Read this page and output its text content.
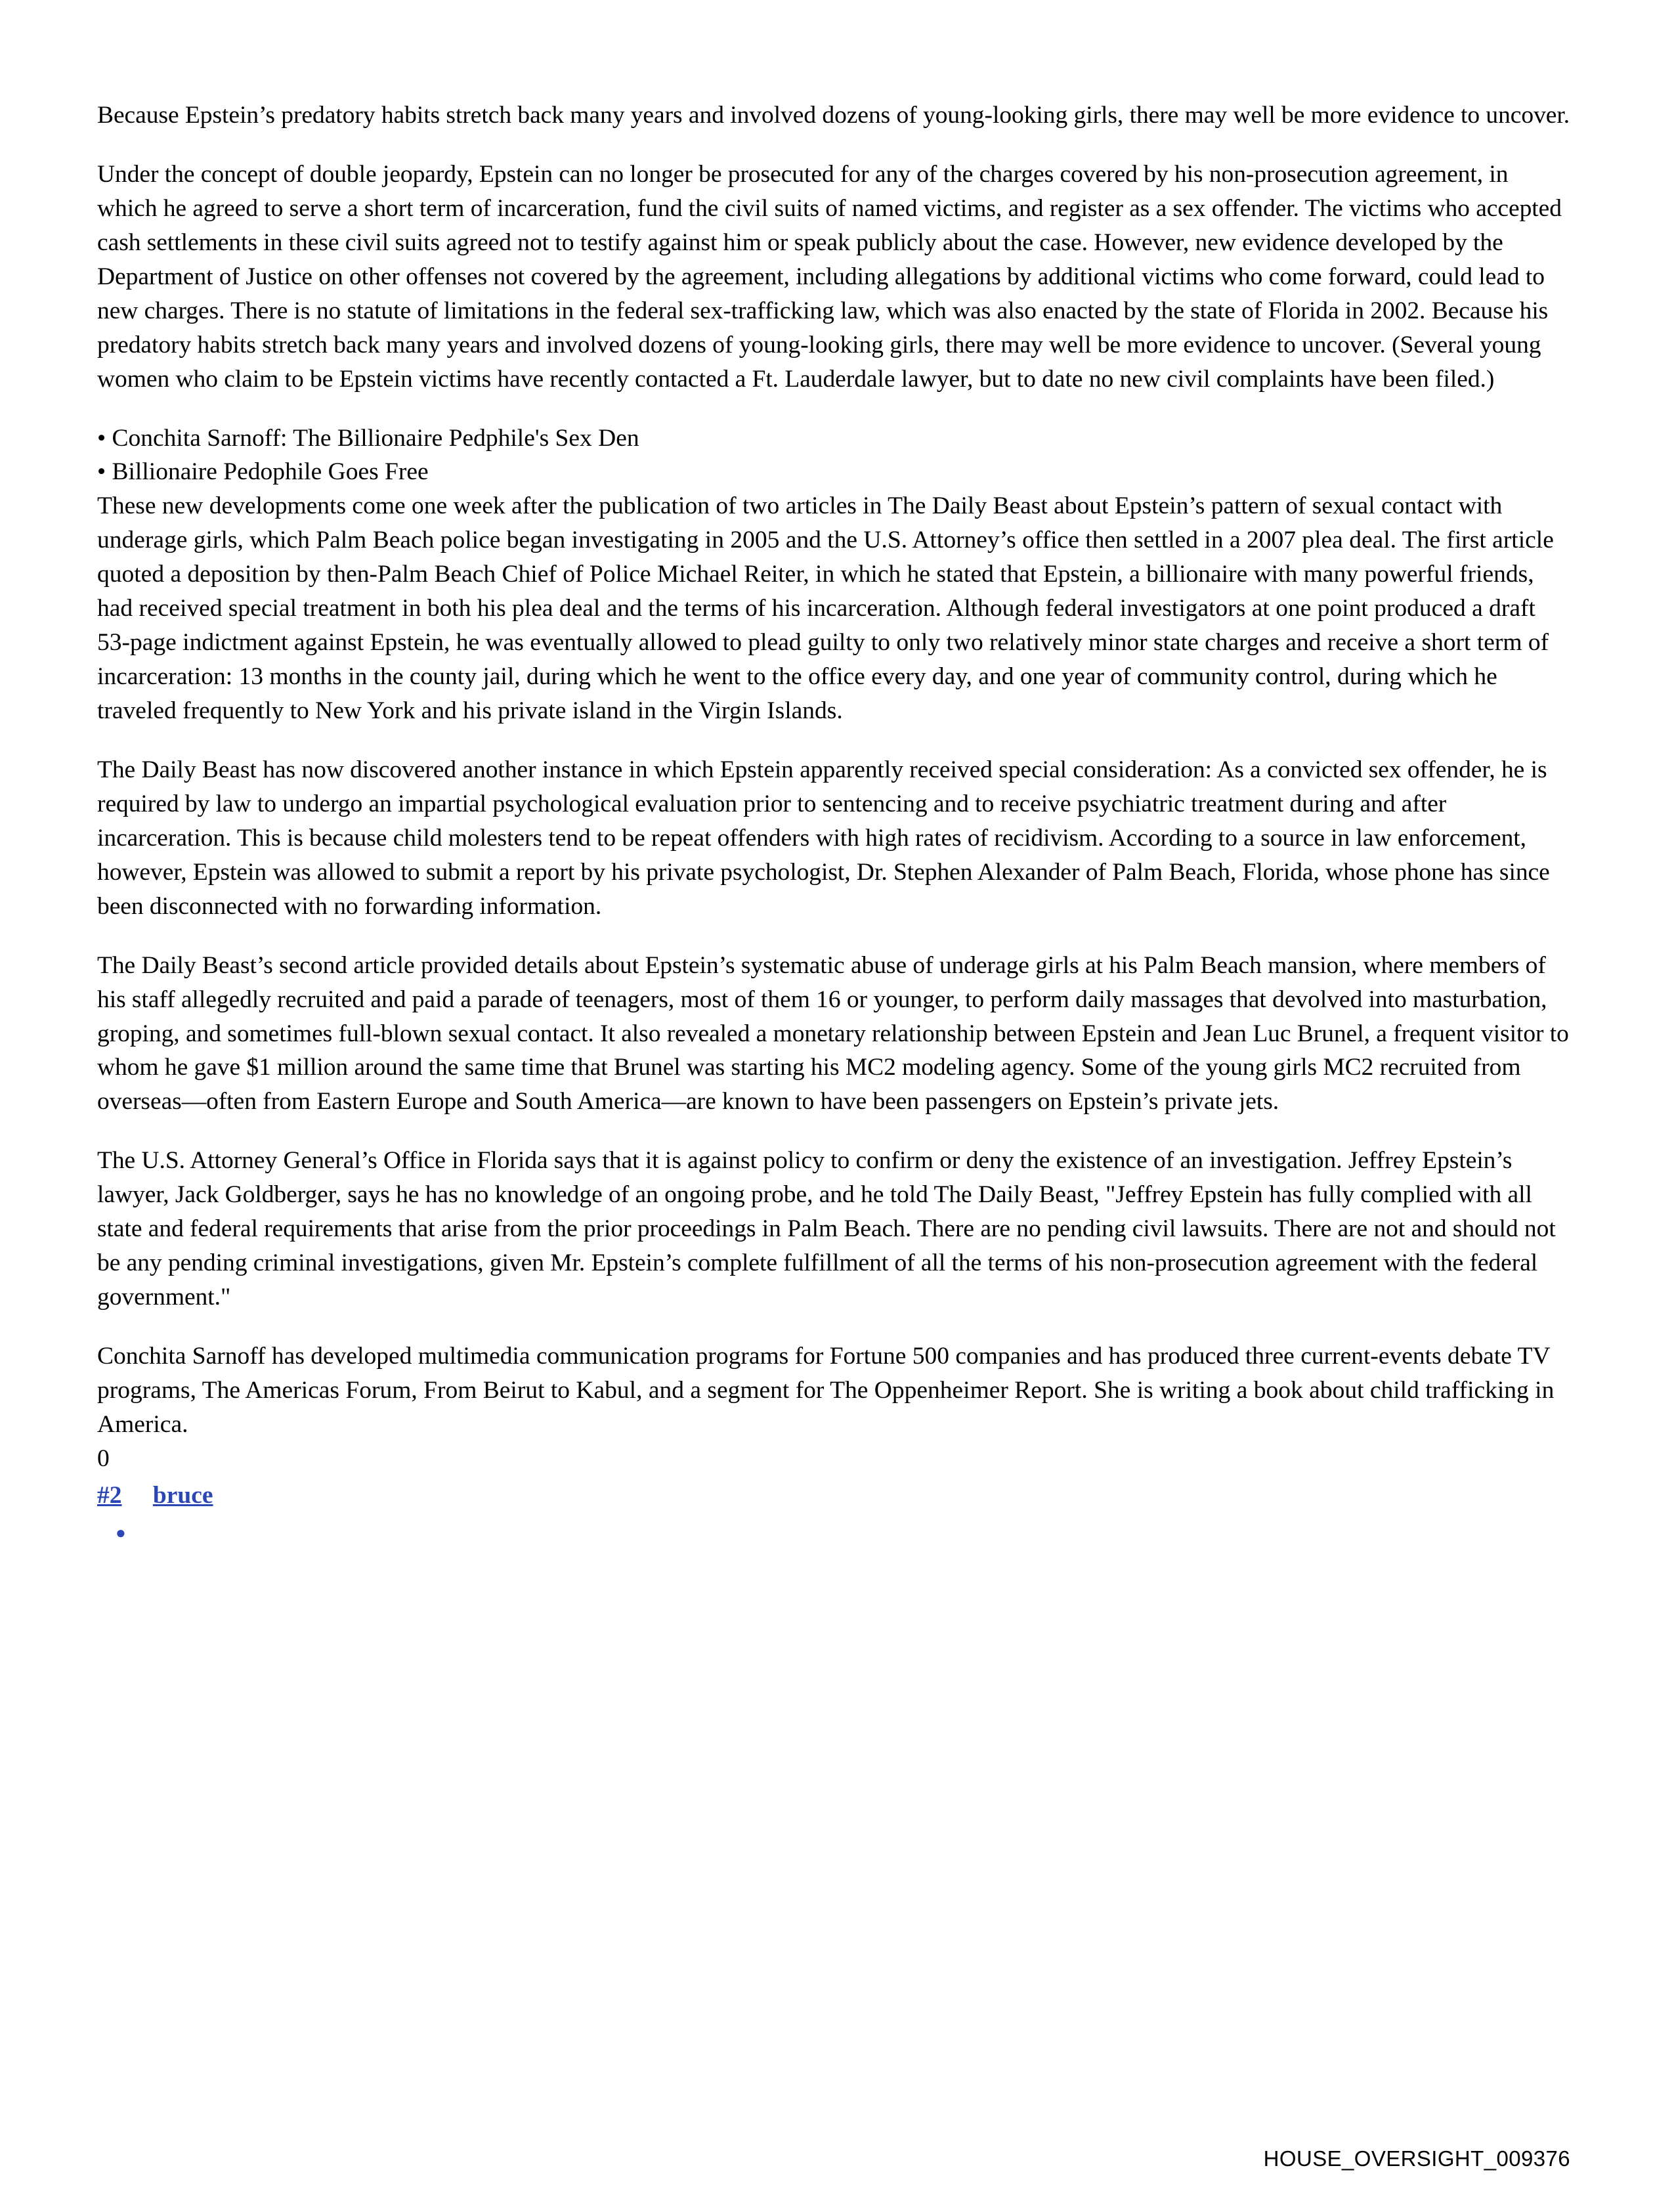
Because Epstein’s predatory habits stretch back many years and involved dozens of young-looking girls, there may well be more evidence to uncover.

Under the concept of double jeopardy, Epstein can no longer be prosecuted for any of the charges covered by his non-prosecution agreement, in which he agreed to serve a short term of incarceration, fund the civil suits of named victims, and register as a sex offender. The victims who accepted cash settlements in these civil suits agreed not to testify against him or speak publicly about the case. However, new evidence developed by the Department of Justice on other offenses not covered by the agreement, including allegations by additional victims who come forward, could lead to new charges. There is no statute of limitations in the federal sex-trafficking law, which was also enacted by the state of Florida in 2002. Because his predatory habits stretch back many years and involved dozens of young-looking girls, there may well be more evidence to uncover. (Several young women who claim to be Epstein victims have recently contacted a Ft. Lauderdale lawyer, but to date no new civil complaints have been filed.)

• Conchita Sarnoff: The Billionaire Pedphile's Sex Den
• Billionaire Pedophile Goes Free
These new developments come one week after the publication of two articles in The Daily Beast about Epstein’s pattern of sexual contact with underage girls, which Palm Beach police began investigating in 2005 and the U.S. Attorney’s office then settled in a 2007 plea deal. The first article quoted a deposition by then-Palm Beach Chief of Police Michael Reiter, in which he stated that Epstein, a billionaire with many powerful friends, had received special treatment in both his plea deal and the terms of his incarceration. Although federal investigators at one point produced a draft 53-page indictment against Epstein, he was eventually allowed to plead guilty to only two relatively minor state charges and receive a short term of incarceration: 13 months in the county jail, during which he went to the office every day, and one year of community control, during which he traveled frequently to New York and his private island in the Virgin Islands.

The Daily Beast has now discovered another instance in which Epstein apparently received special consideration: As a convicted sex offender, he is required by law to undergo an impartial psychological evaluation prior to sentencing and to receive psychiatric treatment during and after incarceration. This is because child molesters tend to be repeat offenders with high rates of recidivism. According to a source in law enforcement, however, Epstein was allowed to submit a report by his private psychologist, Dr. Stephen Alexander of Palm Beach, Florida, whose phone has since been disconnected with no forwarding information.

The Daily Beast’s second article provided details about Epstein’s systematic abuse of underage girls at his Palm Beach mansion, where members of his staff allegedly recruited and paid a parade of teenagers, most of them 16 or younger, to perform daily massages that devolved into masturbation, groping, and sometimes full-blown sexual contact. It also revealed a monetary relationship between Epstein and Jean Luc Brunel, a frequent visitor to whom he gave $1 million around the same time that Brunel was starting his MC2 modeling agency. Some of the young girls MC2 recruited from overseas—often from Eastern Europe and South America—are known to have been passengers on Epstein’s private jets.

The U.S. Attorney General’s Office in Florida says that it is against policy to confirm or deny the existence of an investigation. Jeffrey Epstein’s lawyer, Jack Goldberger, says he has no knowledge of an ongoing probe, and he told The Daily Beast, "Jeffrey Epstein has fully complied with all state and federal requirements that arise from the prior proceedings in Palm Beach. There are no pending civil lawsuits. There are not and should not be any pending criminal investigations, given Mr. Epstein’s complete fulfillment of all the terms of his non-prosecution agreement with the federal government."

Conchita Sarnoff has developed multimedia communication programs for Fortune 500 companies and has produced three current-events debate TV programs, The Americas Forum, From Beirut to Kabul, and a segment for The Oppenheimer Report. She is writing a book about child trafficking in America.
0
#2 bruce
●
HOUSE_OVERSIGHT_009376
